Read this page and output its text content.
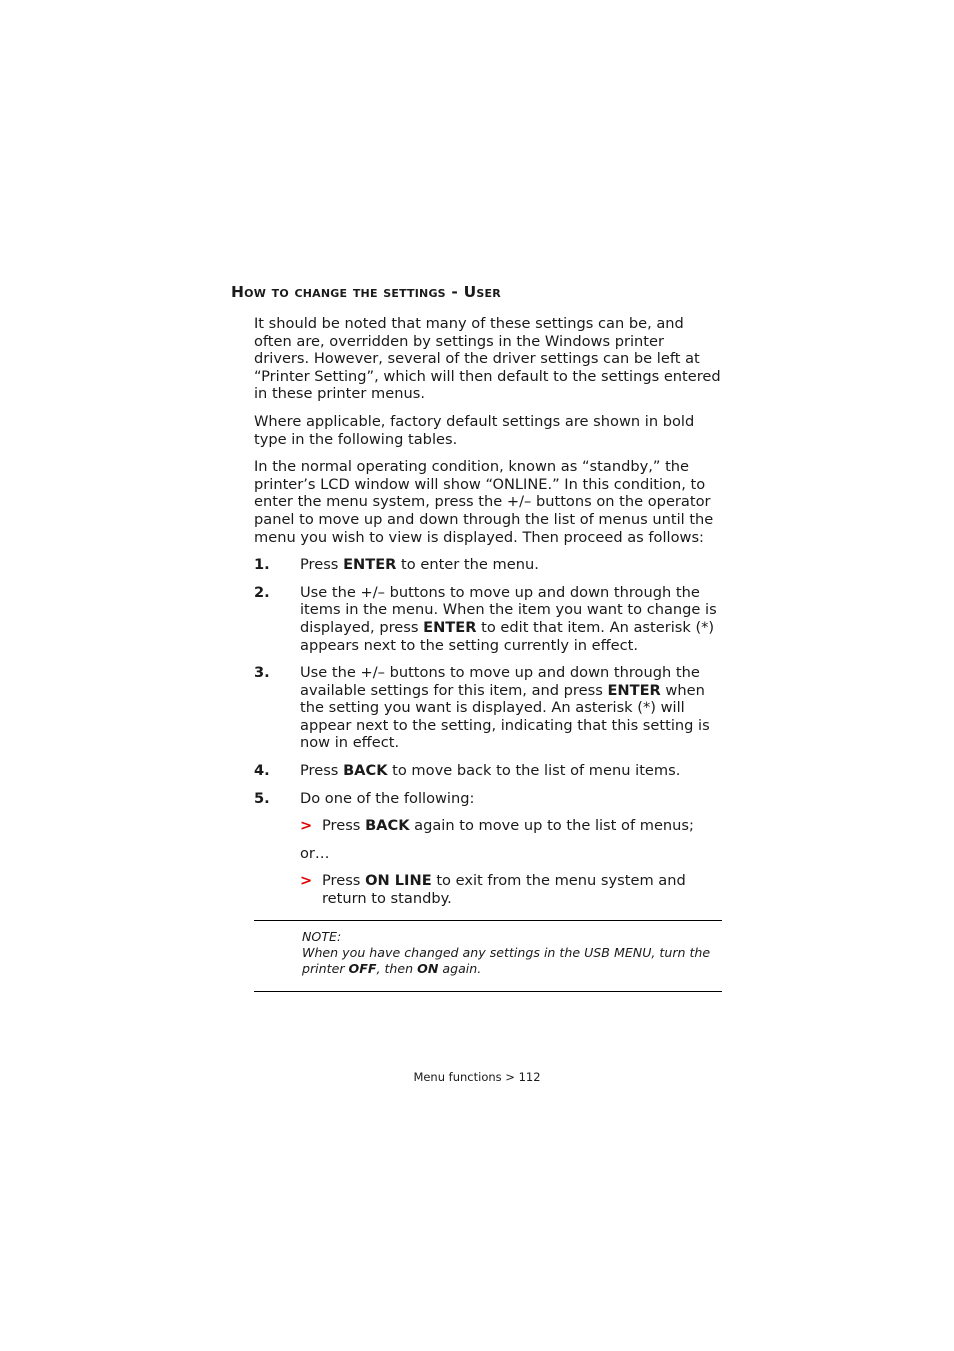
How to change the settings - User

It should be noted that many of these settings can be, and often are, overridden by settings in the Windows printer drivers. However, several of the driver settings can be left at “Printer Setting”, which will then default to the settings entered in these printer menus.

Where applicable, factory default settings are shown in bold type in the following tables.

In the normal operating condition, known as “standby,” the printer’s LCD window will show “ONLINE.” In this condition, to enter the menu system, press the +/– buttons on the operator panel to move up and down through the list of menus until the menu you wish to view is displayed. Then proceed as follows:

1. Press ENTER to enter the menu.
2. Use the +/– buttons to move up and down through the items in the menu. When the item you want to change is displayed, press ENTER to edit that item. An asterisk (*) appears next to the setting currently in effect.
3. Use the +/– buttons to move up and down through the available settings for this item, and press ENTER when the setting you want is displayed. An asterisk (*) will appear next to the setting, indicating that this setting is now in effect.
4. Press BACK to move back to the list of menu items.
5. Do one of the following:
> Press BACK again to move up to the list of menus;
or…
> Press ON LINE to exit from the menu system and return to standby.
NOTE:
When you have changed any settings in the USB MENU, turn the printer OFF, then ON again.
Menu functions > 112
